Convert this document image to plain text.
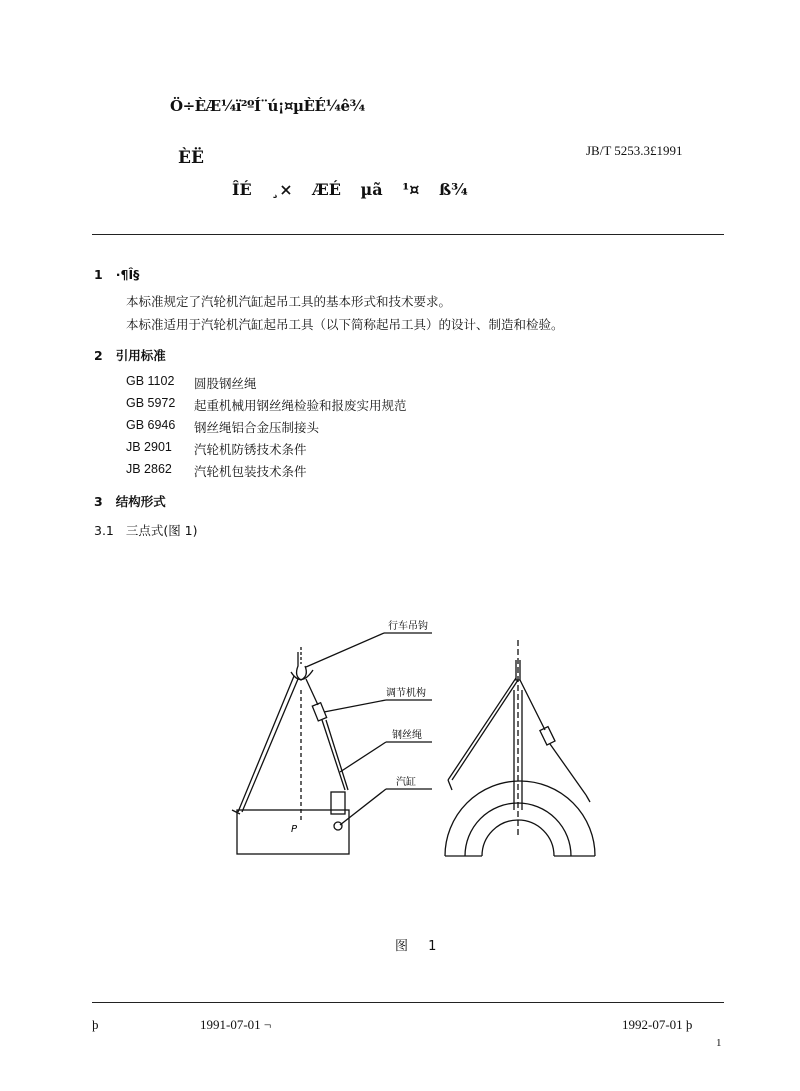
Ö÷ÈÆ¼ï²ºÍ¨ú¡¤µÈÉ¼ê¾
ÈË
ÎÉ ¸× ÆÉ µã ¹¤ ß¾
JB/T 5253.3£1991
1 ·¶Î§
本标准规定了汽轮机汽缸起吊工具的基本形式和技术要求。
本标准适用于汽轮机汽缸起吊工具（以下简称起吊工具）的设计、制造和检验。
2 引用标准
GB 1102 圆股钢丝绳
GB 5972 起重机械用钢丝绳检验和报废实用规范
GB 6946 钢丝绳铝合金压制接头
JB 2901 汽轮机防锈技术条件
JB 2862 汽轮机包装技术条件
3 结构形式
3.1 三点式(图 1)
行车吊钩
调节机构
钢丝绳
汽缸
P
图 1
þ	1991-07-01 ¬	1992-07-01 þ
1
